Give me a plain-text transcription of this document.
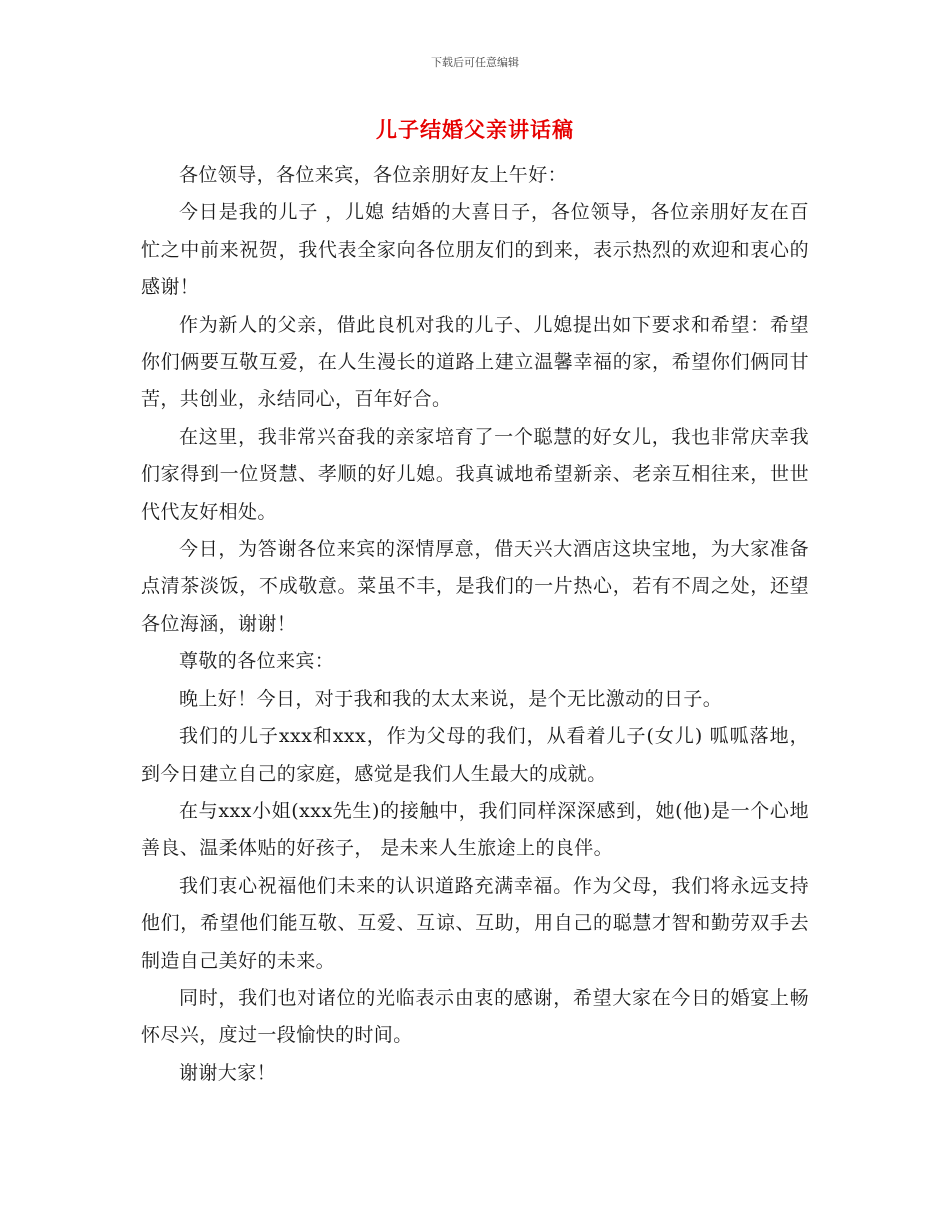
下载后可任意编辑
儿子结婚父亲讲话稿

各位领导，各位来宾，各位亲朋好友上午好：

今日是我的儿子 ，儿媳 结婚的大喜日子，各位领导，各位亲朋好友在百忙之中前来祝贺，我代表全家向各位朋友们的到来，表示热烈的欢迎和衷心的感谢！

作为新人的父亲，借此良机对我的儿子、儿媳提出如下要求和希望：希望你们俩要互敬互爱，在人生漫长的道路上建立温馨幸福的家，希望你们俩同甘苦，共创业，永结同心，百年好合。

在这里，我非常兴奋我的亲家培育了一个聪慧的好女儿，我也非常庆幸我们家得到一位贤慧、孝顺的好儿媳。我真诚地希望新亲、老亲互相往来，世世代代友好相处。

今日，为答谢各位来宾的深情厚意，借天兴大酒店这块宝地，为大家准备点清茶淡饭，不成敬意。菜虽不丰，是我们的一片热心，若有不周之处，还望各位海涵，谢谢！

尊敬的各位来宾：

晚上好！今日，对于我和我的太太来说，是个无比激动的日子。

我们的儿子xxx和xxx，作为父母的我们，从看着儿子(女儿) 呱呱落地，到今日建立自己的家庭，感觉是我们人生最大的成就。

在与xxx小姐(xxx先生)的接触中，我们同样深深感到，她(他)是一个心地善良、温柔体贴的好孩子， 是未来人生旅途上的良伴。

我们衷心祝福他们未来的认识道路充满幸福。作为父母，我们将永远支持他们，希望他们能互敬、互爱、互谅、互助，用自己的聪慧才智和勤劳双手去制造自己美好的未来。

同时，我们也对诸位的光临表示由衷的感谢，希望大家在今日的婚宴上畅怀尽兴，度过一段愉快的时间。

谢谢大家！
